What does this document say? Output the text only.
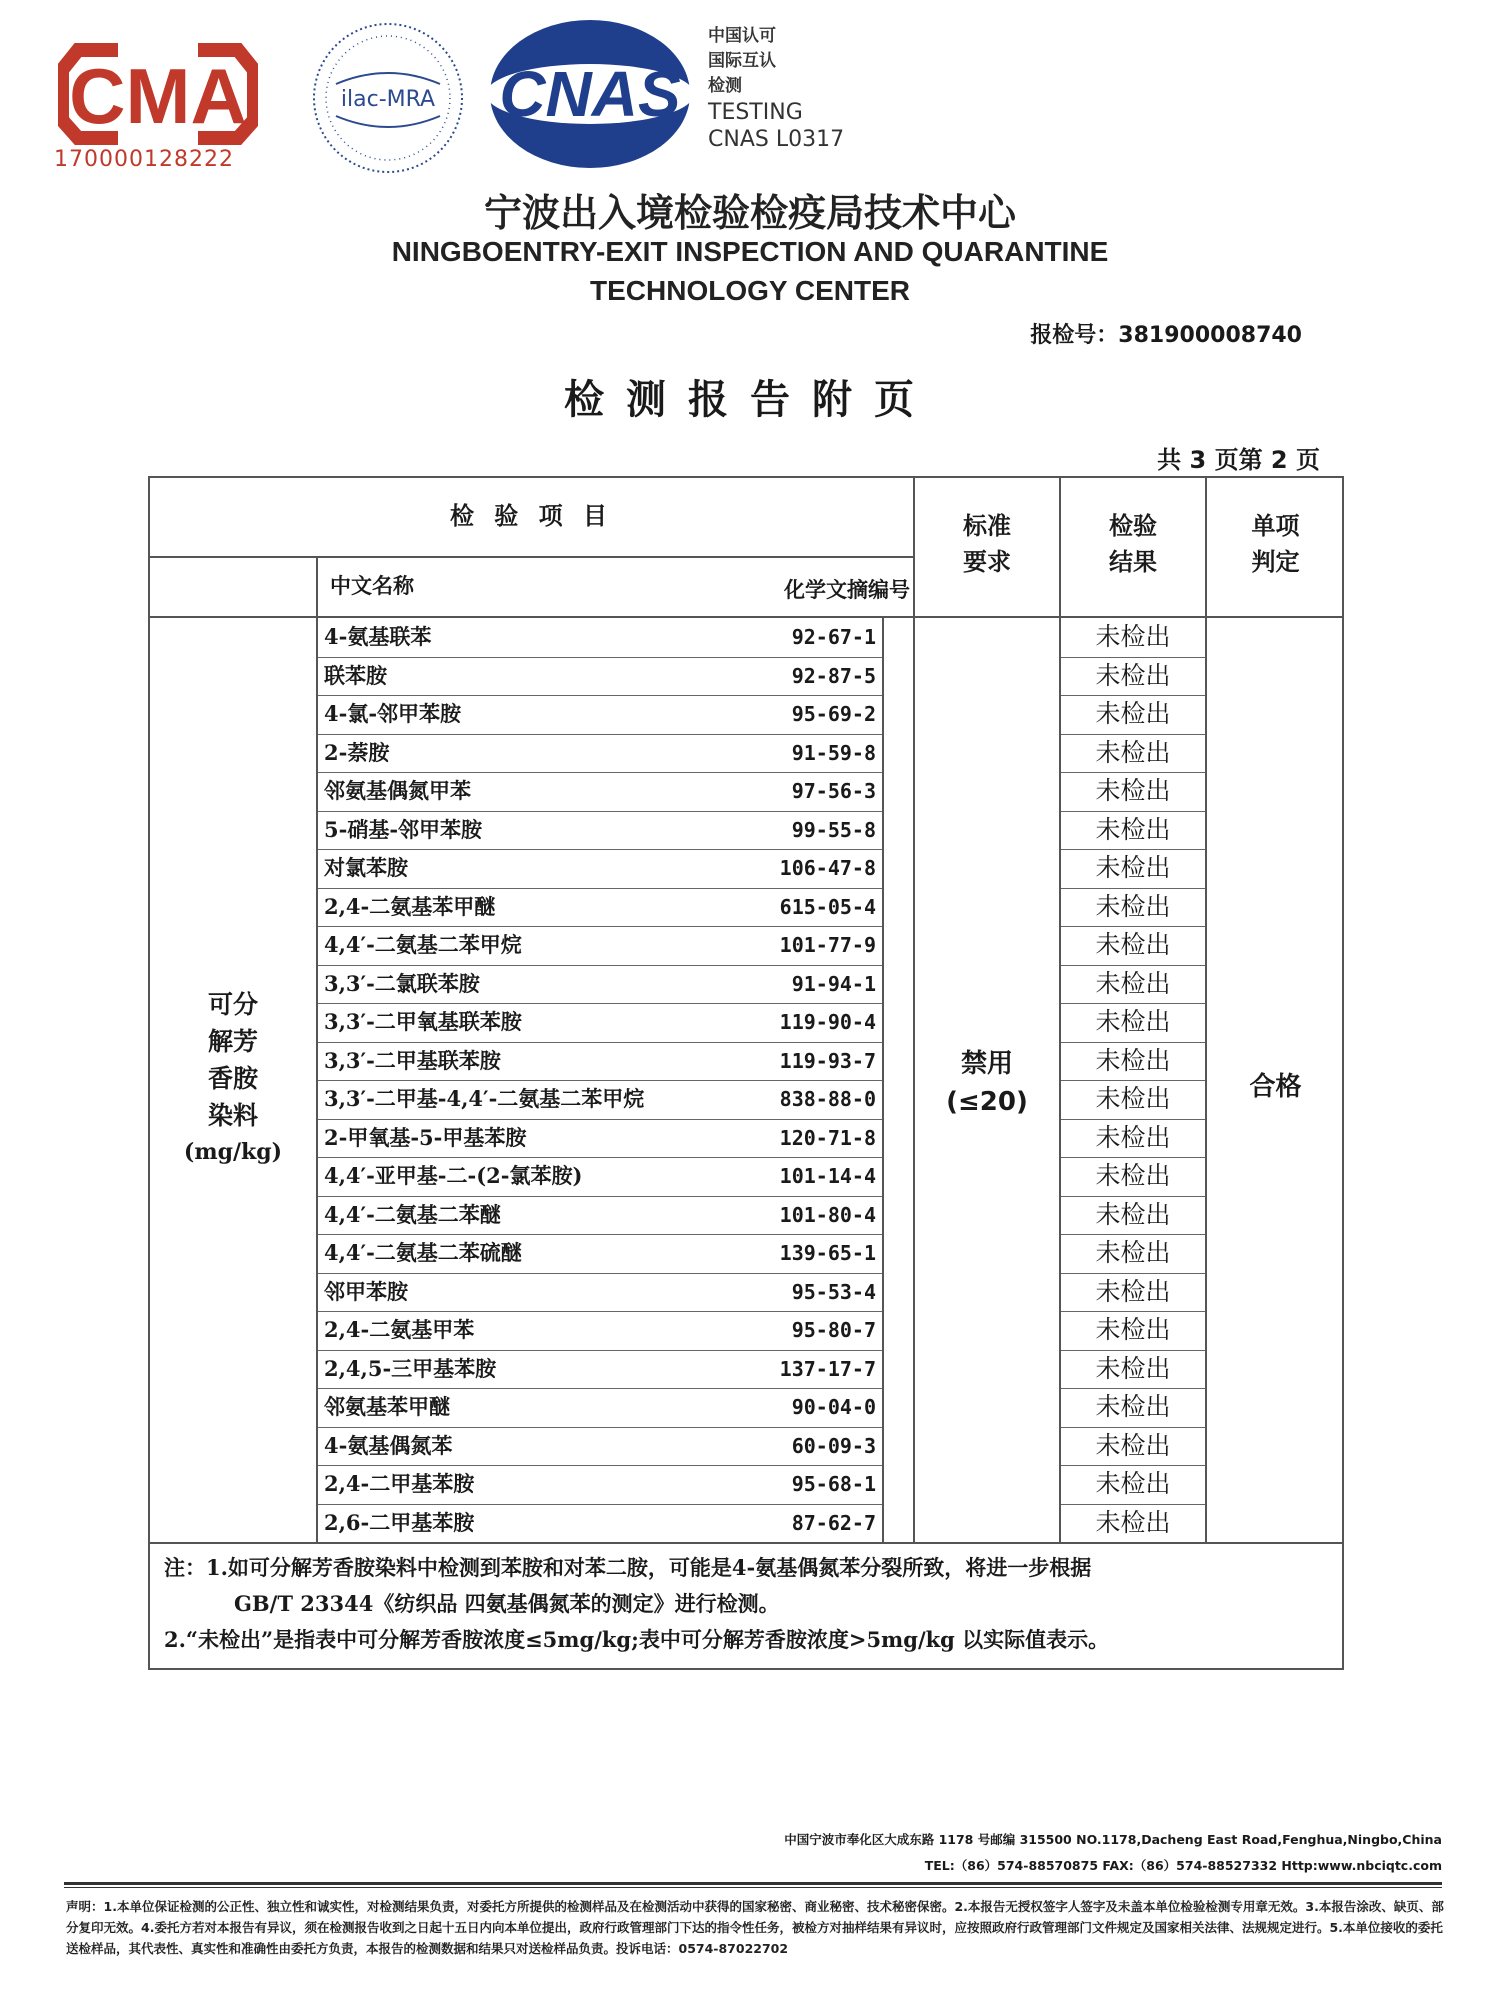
CMA
170000128222
ilac-MRA CNAS
中国认可
国际互认
检测
TESTING
CNAS L0317
宁波出入境检验检疫局技术中心
NINGBOENTRY-EXIT INSPECTION AND QUARANTINE
TECHNOLOGY CENTER
报检号：381900008740
检测报告附页
共 3 页第 2 页
检 验 项 目
中文名称	化学文摘编号
标准
要求
检验
结果
单项
判定
可分
解芳
香胺
染料
(mg/kg)
禁用
(≤20)	合格
4-氨基联苯	92-67-1	未检出
联苯胺	92-87-5	未检出
4-氯-邻甲苯胺	95-69-2	未检出
2-萘胺	91-59-8	未检出
邻氨基偶氮甲苯	97-56-3	未检出
5-硝基-邻甲苯胺	99-55-8	未检出
对氯苯胺	106-47-8	未检出
2,4-二氨基苯甲醚	615-05-4	未检出
4,4′-二氨基二苯甲烷	101-77-9	未检出
3,3′-二氯联苯胺	91-94-1	未检出
3,3′-二甲氧基联苯胺	119-90-4	未检出
3,3′-二甲基联苯胺	119-93-7	未检出
3,3′-二甲基-4,4′-二氨基二苯甲烷	838-88-0	未检出
2-甲氧基-5-甲基苯胺	120-71-8	未检出
4,4′-亚甲基-二-(2-氯苯胺)	101-14-4	未检出
4,4′-二氨基二苯醚	101-80-4	未检出
4,4′-二氨基二苯硫醚	139-65-1	未检出
邻甲苯胺	95-53-4	未检出
2,4-二氨基甲苯	95-80-7	未检出
2,4,5-三甲基苯胺	137-17-7	未检出
邻氨基苯甲醚	90-04-0	未检出
4-氨基偶氮苯	60-09-3	未检出
2,4-二甲基苯胺	95-68-1	未检出
2,6-二甲基苯胺	87-62-7	未检出
注：1.如可分解芳香胺染料中检测到苯胺和对苯二胺，可能是4-氨基偶氮苯分裂所致，将进一步根据
GB/T 23344《纺织品 四氨基偶氮苯的测定》进行检测。
2.“未检出”是指表中可分解芳香胺浓度≤5mg/kg;表中可分解芳香胺浓度>5mg/kg 以实际值表示。
中国宁波市奉化区大成东路 1178 号邮编 315500 NO.1178,Dacheng East Road,Fenghua,Ningbo,China
TEL:（86）574-88570875 FAX:（86）574-88527332 Http:www.nbciqtc.com
声明：1.本单位保证检测的公正性、独立性和诚实性，对检测结果负责，对委托方所提供的检测样品及在检测活动中获得的国家秘密、商业秘密、技术秘密保密。2.本报告无授权签字人签字及未盖本单位检验检测专用章无效。3.本报告涂改、缺页、部分复印无效。4.委托方若对本报告有异议，须在检测报告收到之日起十五日内向本单位提出，政府行政管理部门下达的指令性任务，被检方对抽样结果有异议时，应按照政府行政管理部门文件规定及国家相关法律、法规规定进行。5.本单位接收的委托送检样品，其代表性、真实性和准确性由委托方负责，本报告的检测数据和结果只对送检样品负责。投诉电话：0574-87022702
